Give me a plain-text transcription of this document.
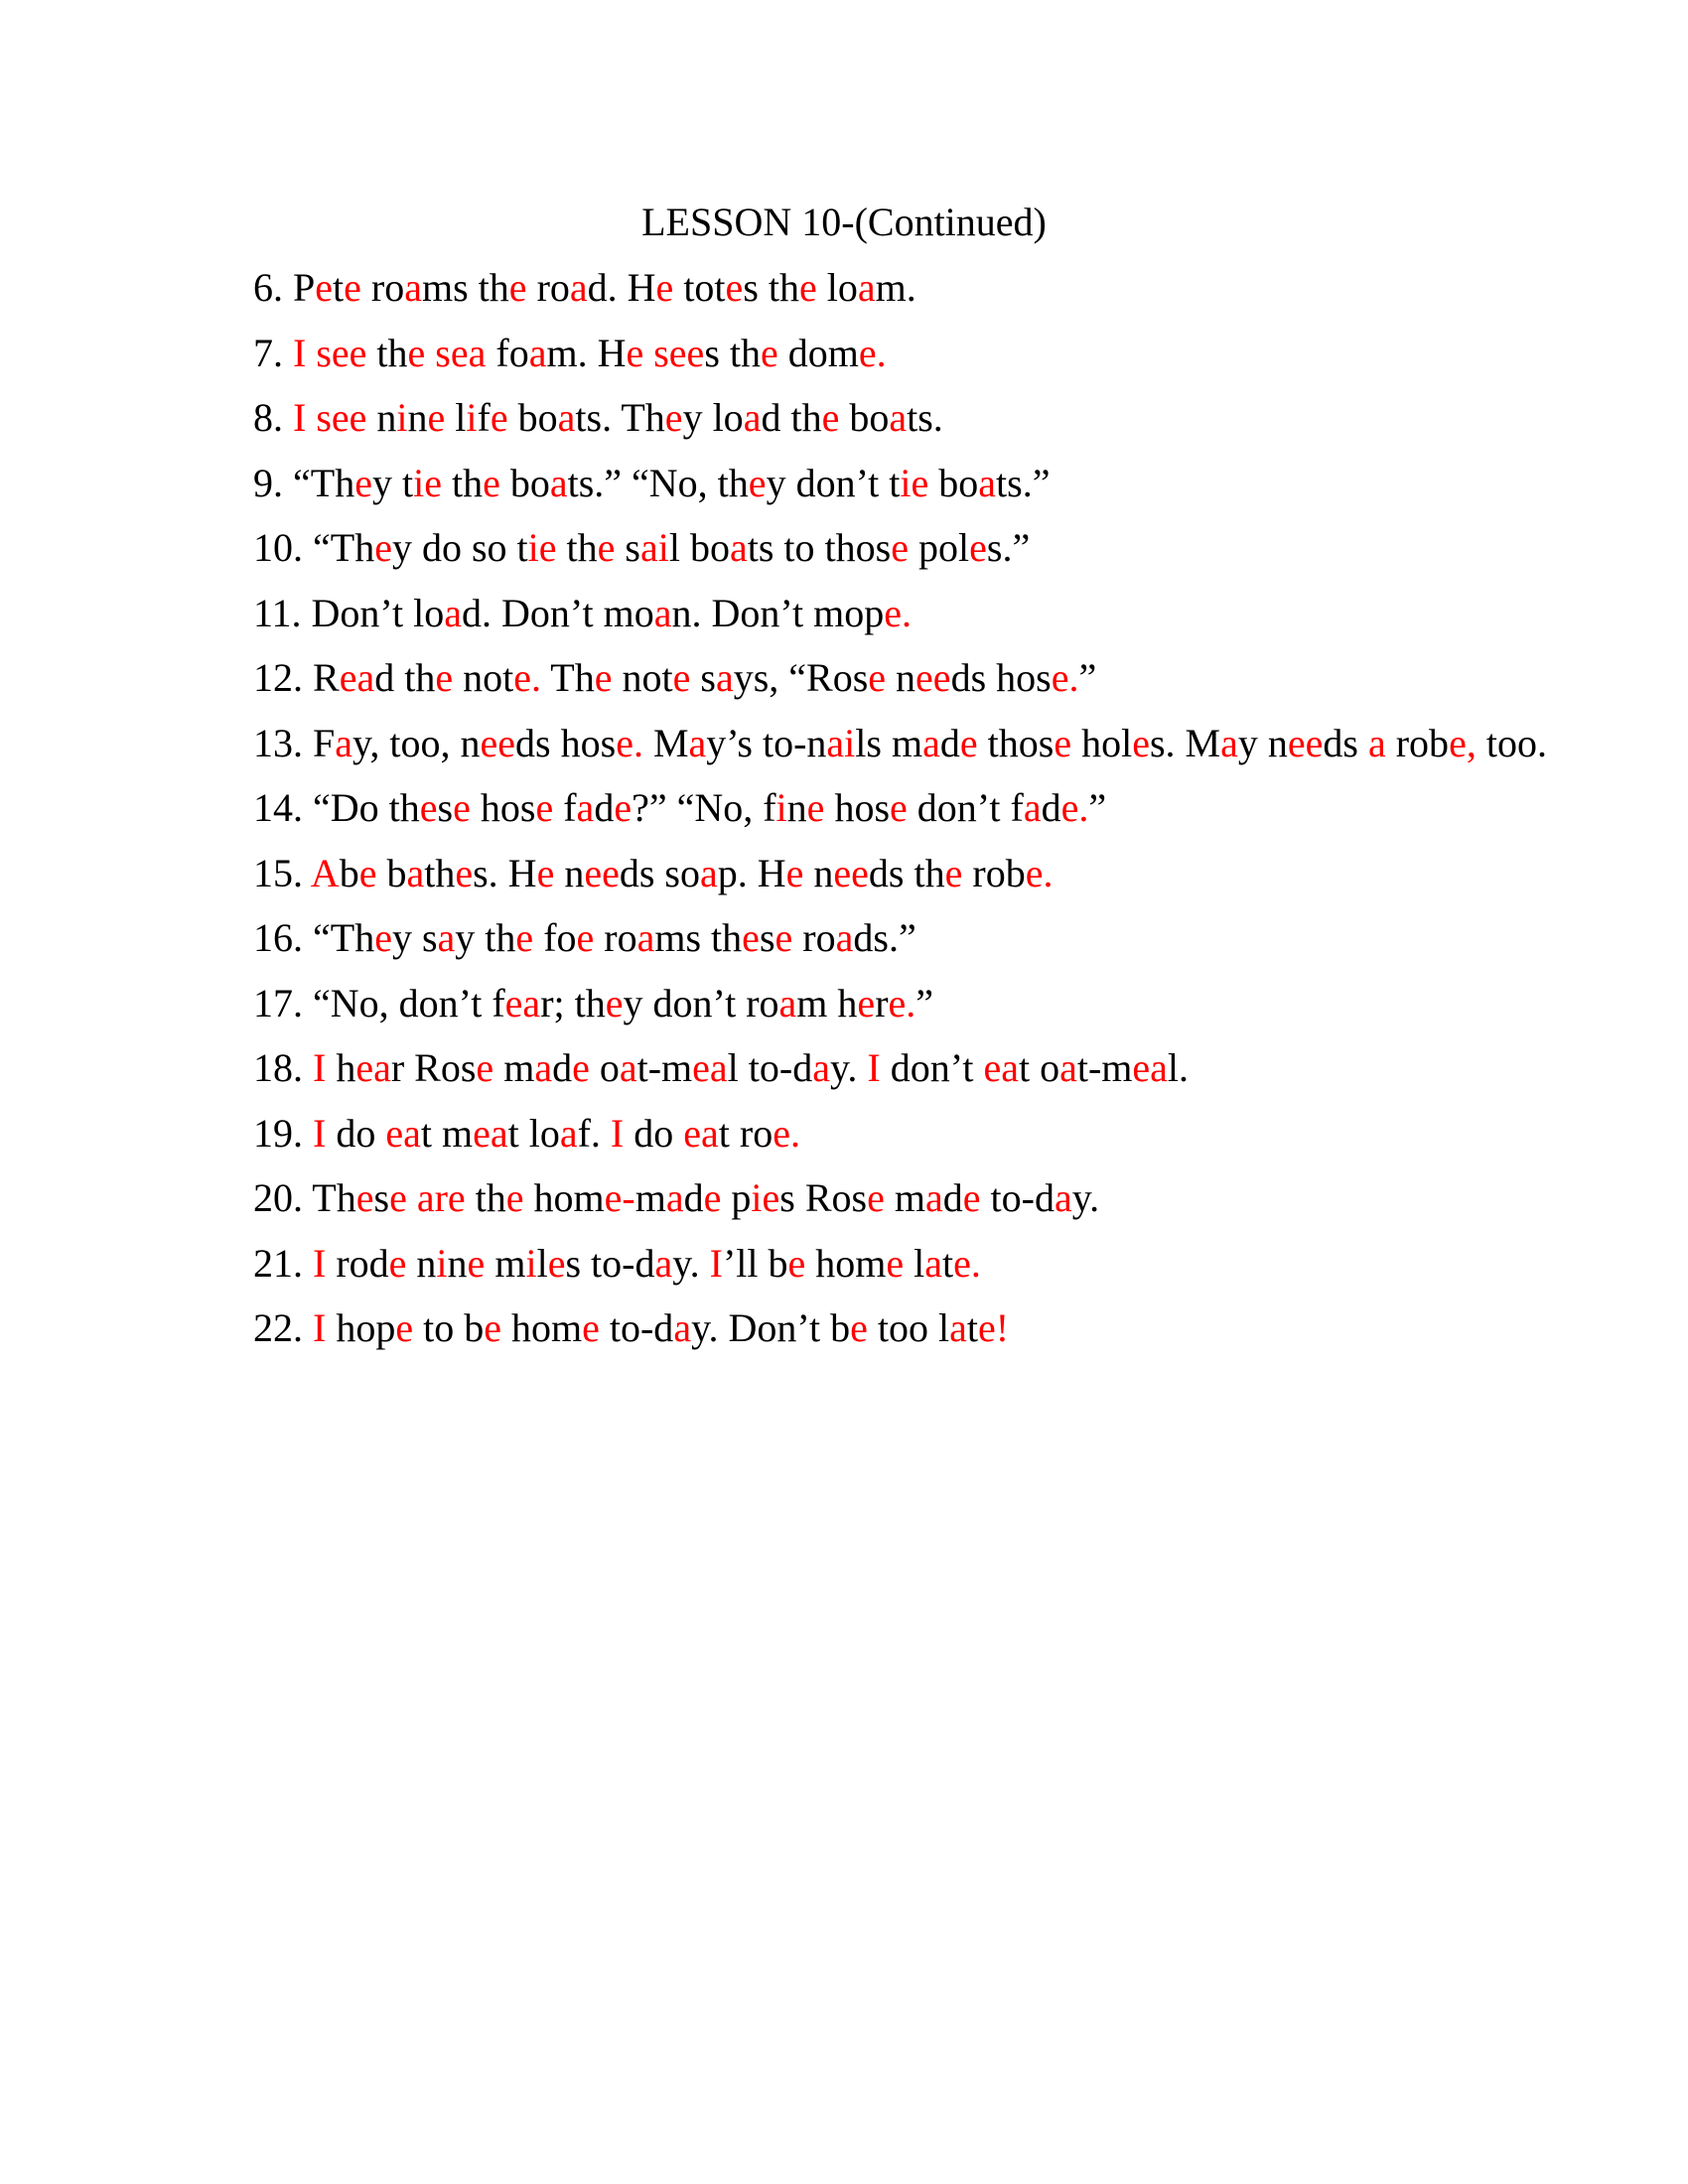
LESSON 10-(Continued)
6. Pete roams the road. He totes the loam.
7. I see the sea foam. He sees the dome.
8. I see nine life boats. They load the boats.
9. “They tie the boats.” “No, they don’t tie boats.”
10. “They do so tie the sail boats to those poles.”
11. Don’t load. Don’t moan. Don’t mope.
12. Read the note. The note says, “Rose needs hose.”
13. Fay, too, needs hose. May’s to-nails made those holes. May needs a robe, too.
14. “Do these hose fade?” “No, fine hose don’t fade.”
15. Abe bathes. He needs soap. He needs the robe.
16. “They say the foe roams these roads.”
17. “No, don’t fear; they don’t roam here.”
18. I hear Rose made oat-meal to-day. I don’t eat oat-meal.
19. I do eat meat loaf. I do eat roe.
20. These are the home-made pies Rose made to-day.
21. I rode nine miles to-day. I’ll be home late.
22. I hope to be home to-day. Don’t be too late!
